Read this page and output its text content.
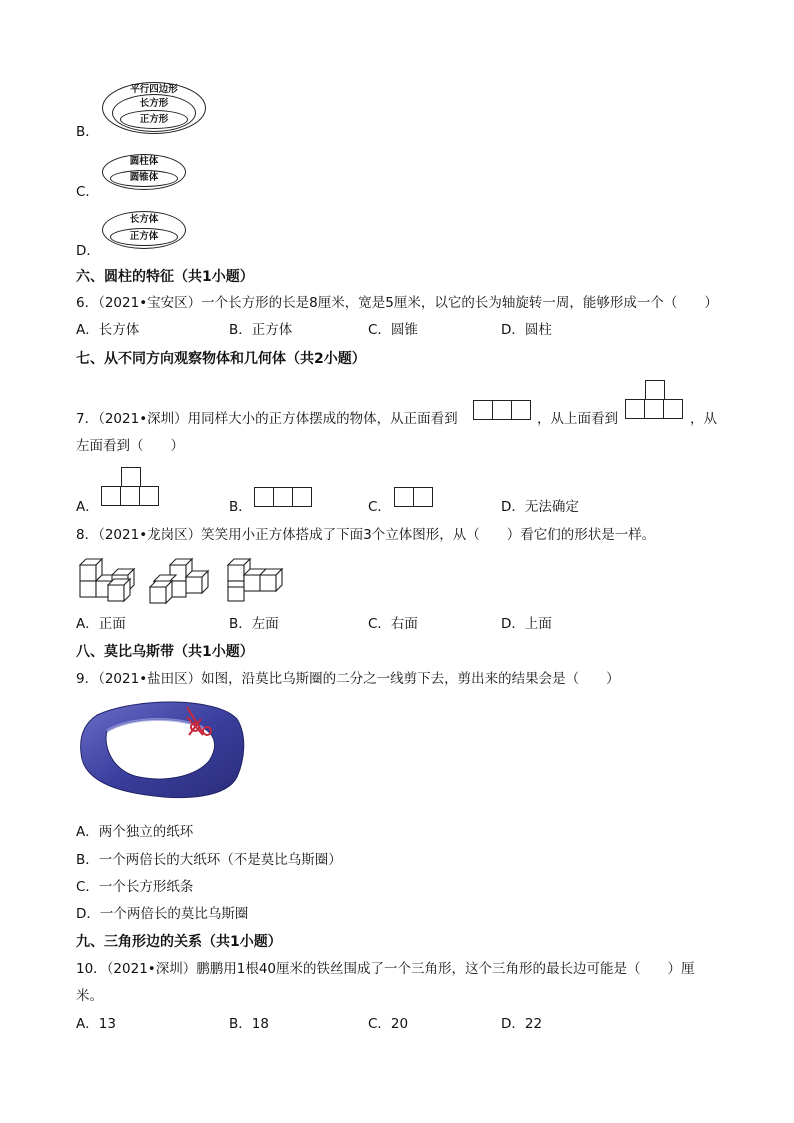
B．
平行四边形
长方形
正方形
C．
圆柱体
圆锥体
D．
长方体
正方体
六、圆柱的特征（共1小题）
6．（2021•宝安区）一个长方形的长是8厘米，宽是5厘米，以它的长为轴旋转一周，能够形成一个（　　）
A．长方体	B．正方体	C．圆锥	D．圆柱
七、从不同方向观察物体和几何体（共2小题）
7．（2021•深圳）用同样大小的正方体摆成的物体，从正面看到	，从上面看到	，从
左面看到（　　）
A．	B．	C．	D．无法确定
8．（2021•龙岗区）笑笑用小正方体搭成了下面3个立体图形，从（　　）看它们的形状是一样。
A．正面	B．左面	C．右面	D．上面
八、莫比乌斯带（共1小题）
9．（2021•盐田区）如图，沿莫比乌斯圈的二分之一线剪下去，剪出来的结果会是（　　）
A．两个独立的纸环
B．一个两倍长的大纸环（不是莫比乌斯圈）
C．一个长方形纸条
D．一个两倍长的莫比乌斯圈
九、三角形边的关系（共1小题）
10．（2021•深圳）鹏鹏用1根40厘米的铁丝围成了一个三角形，这个三角形的最长边可能是（　　）厘
米。
A．13	B．18	C．20	D．22
